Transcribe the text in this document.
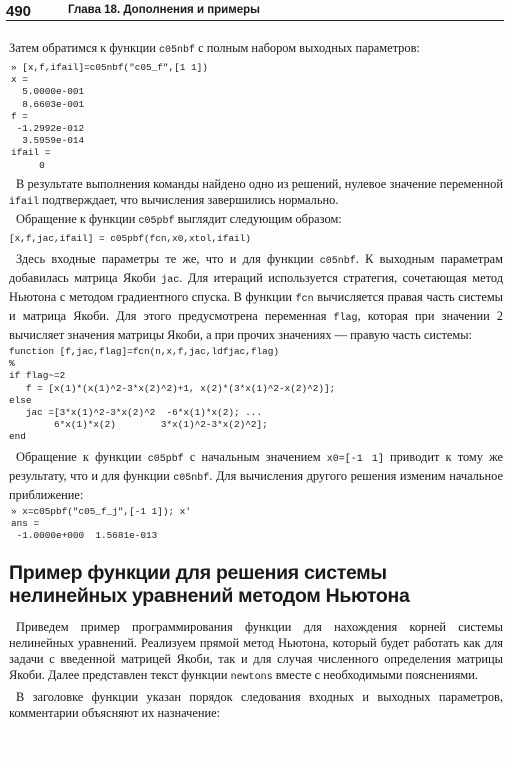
490	Глава 18. Дополнения и примеры

Затем обратимся к функции c05nbf с полным набором выходных параметров:

» [x,f,ifail]=c05nbf("c05_f",[1 1])
x =
5.0000e-001
8.6603e-001
f =
-1.2992e-012
3.5959e-014
ifail =
0

В результате выполнения команды найдено одно из решений, нулевое значение переменной ifail подтверждает, что вычисления завершились нормально.

Обращение к функции c05pbf выглядит следующим образом:

[x,f,jac,ifail] = c05pbf(fcn,x0,xtol,ifail)

Здесь входные параметры те же, что и для функции c05nbf. К выходным параметрам добавилась матрица Якоби jac. Для итераций используется стратегия, сочетающая метод Ньютона с методом градиентного спуска. В функции fcn вычисляется правая часть системы и матрица Якоби. Для этого предусмотрена переменная flag, которая при значении 2 вычисляет значения матрицы Якоби, а при прочих значениях — правую часть системы:

function [f,jac,flag]=fcn(n,x,f,jac,ldfjac,flag)
%
if flag~=2
f = [x(1)*(x(1)^2-3*x(2)^2)+1, x(2)*(3*x(1)^2-x(2)^2)];
else
jac =[3*x(1)^2-3*x(2)^2  -6*x(1)*x(2); ...
6*x(1)*x(2)        3*x(1)^2-3*x(2)^2];
end

Обращение к функции c05pbf с начальным значением x0=[-1 1] приводит к тому же результату, что и для функции c05nbf. Для вычисления другого решения изменим начальное приближение:

» x=c05pbf("c05_f_j",[-1 1]); x'
ans =
-1.0000e+000  1.5681e-013
Пример функции для решения системы нелинейных уравнений методом Ньютона

Приведем пример программирования функции для нахождения корней системы нелинейных уравнений. Реализуем прямой метод Ньютона, который будет работать как для задачи с введенной матрицей Якоби, так и для случая численного определения матрицы Якоби. Далее представлен текст функции newtons вместе с необходимыми пояснениями.

В заголовке функции указан порядок следования входных и выходных параметров, комментарии объясняют их назначение:
